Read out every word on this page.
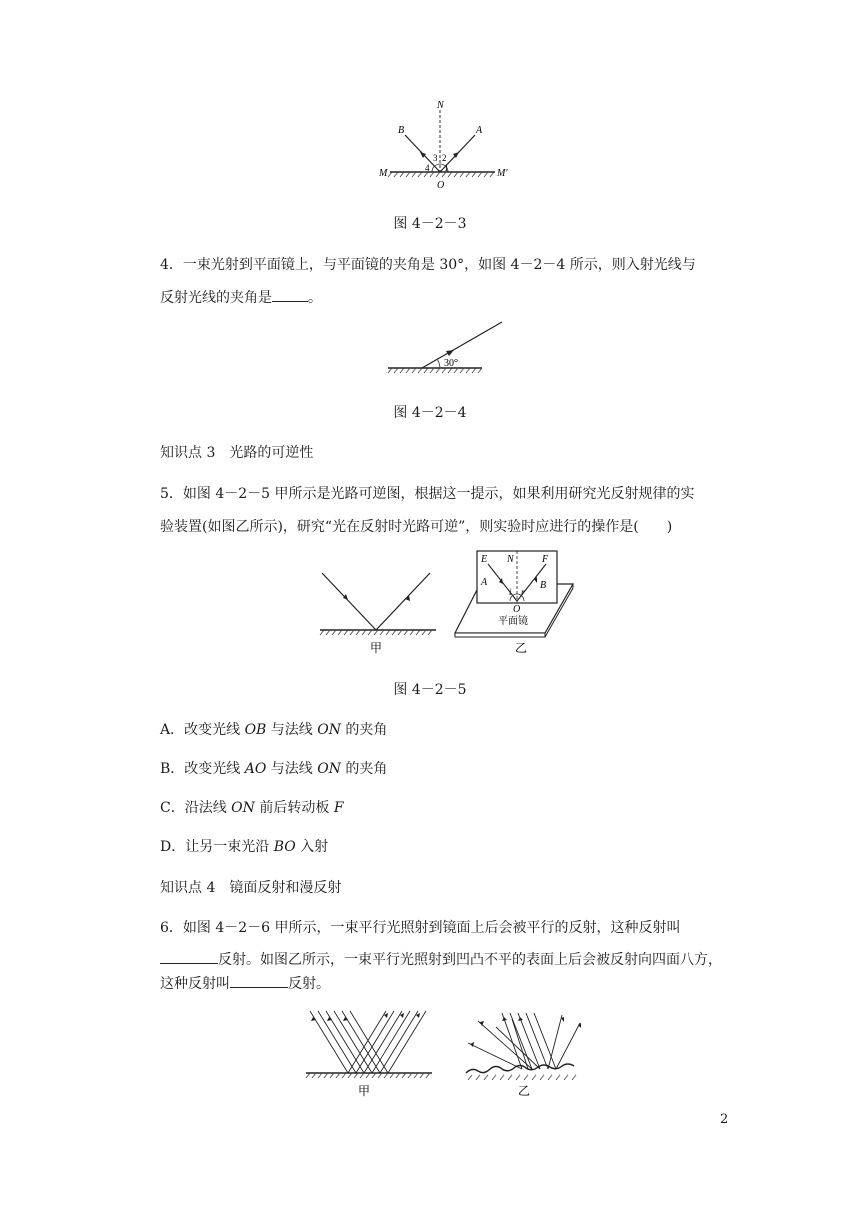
N
B	A
M	M′
O
1
2
3
4
图 4－2－3
4．一束光射到平面镜上，与平面镜的夹角是 30°，如图 4－2－4 所示，则入射光线与
反射光线的夹角是	。
30°
图 4－2－4
知识点 3　光路的可逆性
5．如图 4－2－5 甲所示是光路可逆图，根据这一提示，如果利用研究光反射规律的实
验装置(如图乙所示)，研究“光在反射时光路可逆”，则实验时应进行的操作是(　　)
甲
E N	F
A	B
O
i r
平面镜
乙
图 4－2－5
A．改变光线 OB 与法线 ON 的夹角
B．改变光线 AO 与法线 ON 的夹角
C．沿法线 ON 前后转动板 F
D．让另一束光沿 BO 入射
知识点 4　镜面反射和漫反射
6．如图 4－2－6 甲所示，一束平行光照射到镜面上后会被平行的反射，这种反射叫
反射。如图乙所示，一束平行光照射到凹凸不平的表面上后会被反射向四面八方，
这种反射叫	反射。
甲	乙
2
